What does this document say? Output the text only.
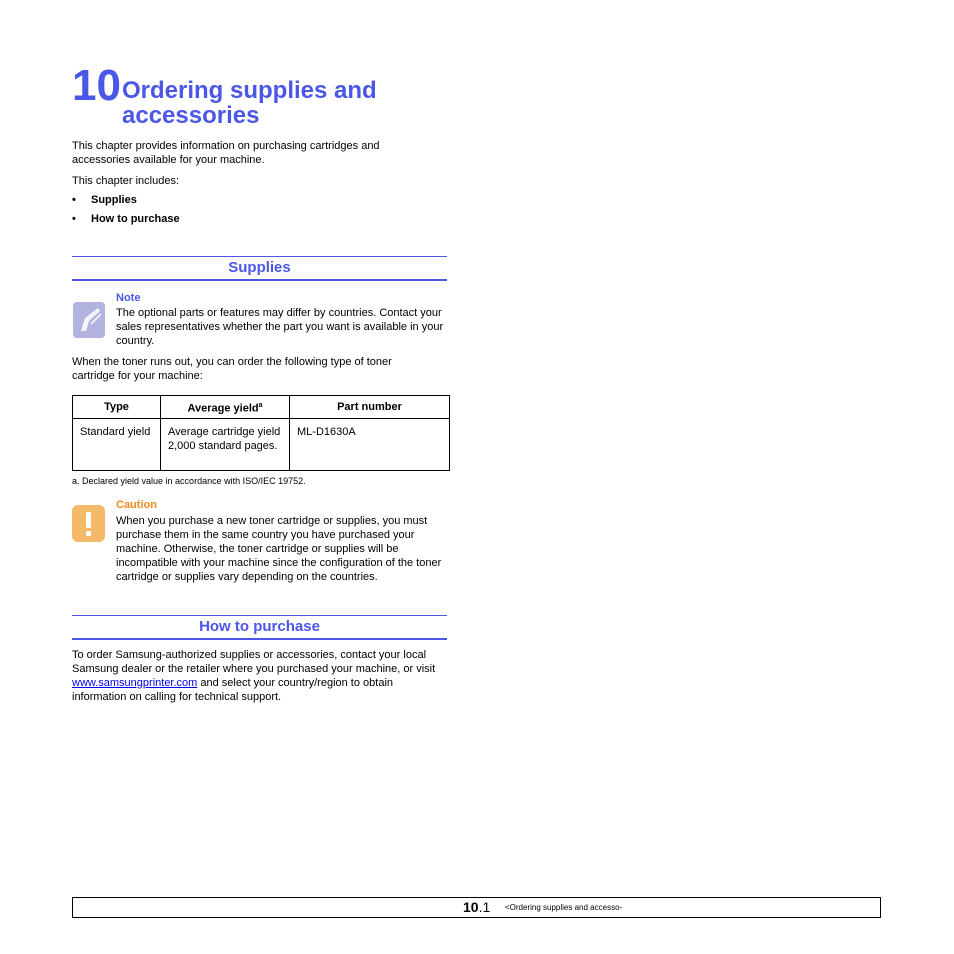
10 Ordering supplies and accessories
This chapter provides information on purchasing cartridges and accessories available for your machine.
This chapter includes:
• Supplies
• How to purchase
Supplies
Note
The optional parts or features may differ by countries. Contact your sales representatives whether the part you want is available in your country.
When the toner runs out, you can order the following type of toner cartridge for your machine:
Type	Average yield$^a$	Part number
Standard yield	Average cartridge yield 2,000 standard pages.	ML-D1630A
a. Declared yield value in accordance with ISO/IEC 19752.
Caution
When you purchase a new toner cartridge or supplies, you must purchase them in the same country you have purchased your machine. Otherwise, the toner cartridge or supplies will be incompatible with your machine since the configuration of the toner cartridge or supplies vary depending on the countries.
How to purchase
To order Samsung-authorized supplies or accessories, contact your local Samsung dealer or the retailer where you purchased your machine, or visit www.samsungprinter.com and select your country/region to obtain information on calling for technical support.
10.1 <Ordering supplies and accesso-
